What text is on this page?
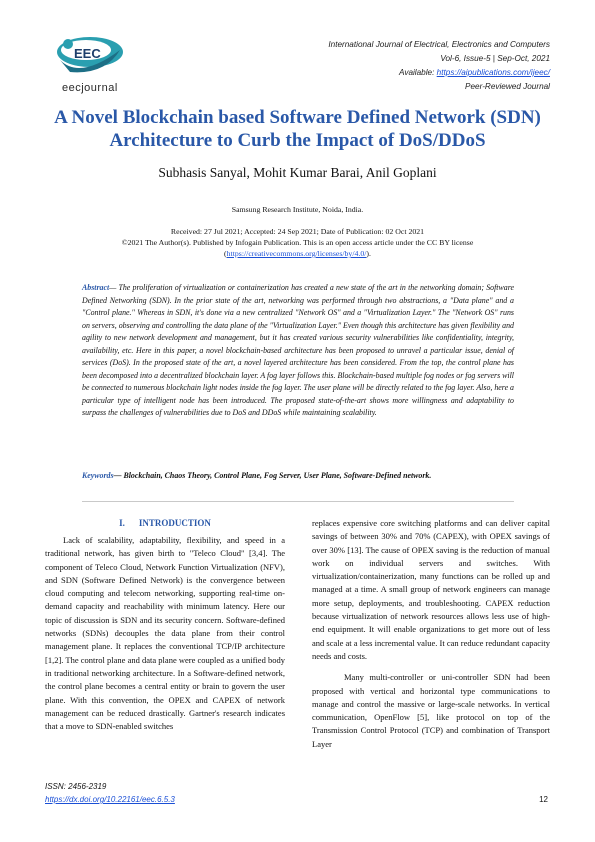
EEC
eecjournal
International Journal of Electrical, Electronics and Computers
Vol-6, Issue-5 | Sep-Oct, 2021
Available: https://aipublications.com/ijeec/
Peer-Reviewed Journal
A Novel Blockchain based Software Defined Network (SDN) Architecture to Curb the Impact of DoS/DDoS
Subhasis Sanyal, Mohit Kumar Barai, Anil Goplani
Samsung Research Institute, Noida, India.
Received: 27 Jul 2021; Accepted: 24 Sep 2021; Date of Publication: 02 Oct 2021
©2021 The Author(s). Published by Infogain Publication. This is an open access article under the CC BY license
(https://creativecommons.org/licenses/by/4.0/).
Abstract— The proliferation of virtualization or containerization has created a new state of the art in the networking domain; Software Defined Networking (SDN). In the prior state of the art, networking was performed through two abstractions, a "Data plane" and a "Control plane." Whereas in SDN, it's done via a new centralized "Network OS" and a "Virtualization Layer." The "Network OS" runs on servers, observing and controlling the data plane of the "Virtualization Layer." Even though this architecture has given flexibility and agility to new network development and management, but it has created various security vulnerabilities like confidentiality, integrity, availability, etc. Here in this paper, a novel blockchain-based architecture has been proposed to unravel a particular issue, denial of services (DoS). In the proposed state of the art, a novel layered architecture has been considered. From the top, the control plane has been decomposed into a decentralized blockchain layer. A fog layer follows this. Blockchain-based multiple fog nodes or fog servers will be connected to numerous blockchain light nodes inside the fog layer. The user plane will be directly related to the fog layer. Also, here a particular type of intelligent node has been introduced. The proposed state-of-the-art shows more willingness and adaptability to surpass the challenges of vulnerabilities due to DoS and DDoS while maintaining scalability.
Keywords— Blockchain, Chaos Theory, Control Plane, Fog Server, User Plane, Software-Defined network.
I. INTRODUCTION

Lack of scalability, adaptability, flexibility, and speed in a traditional network, has given birth to "Teleco Cloud" [3,4]. The component of Teleco Cloud, Network Function Virtualization (NFV), and SDN (Software Defined Network) is the convergence between cloud computing and telecom networking, supporting real-time on-demand capacity and reachability with minimum latency. Here our topic of discussion is SDN and its security concern. Software-defined networks (SDNs) decouples the data plane from their control management plane. It replaces the conventional TCP/IP architecture [1,2]. The control plane and data plane were coupled as a unified body in traditional networking architecture. In a Software-defined network, the control plane becomes a central entity or brain to govern the user plane. With this convention, the OPEX and CAPEX of network management can be reduced drastically. Gartner's research indicates that a move to SDN-enabled switches

replaces expensive core switching platforms and can deliver capital savings of between 30% and 70% (CAPEX), with OPEX savings of over 30% [13]. The cause of OPEX saving is the reduction of manual work on individual servers and switches. With virtualization/containerization, many functions can be rolled up and managed at a time. A small group of network engineers can manage more setup, deployments, and troubleshooting. CAPEX reduction because virtualization of network resources allows less use of high-end equipment. It will enable organizations to get more out of less and scale at a less incremental value. It can reduce redundant capacity needs and costs.

Many multi-controller or uni-controller SDN had been proposed with vertical and horizontal type communications to manage and control the massive or large-scale networks. In vertical communication, OpenFlow [5], like protocol on top of the Transmission Control Protocol (TCP) and combination of Transport Layer

ISSN: 2456-2319
https://dx.doi.org/10.22161/eec.6.5.3	12
